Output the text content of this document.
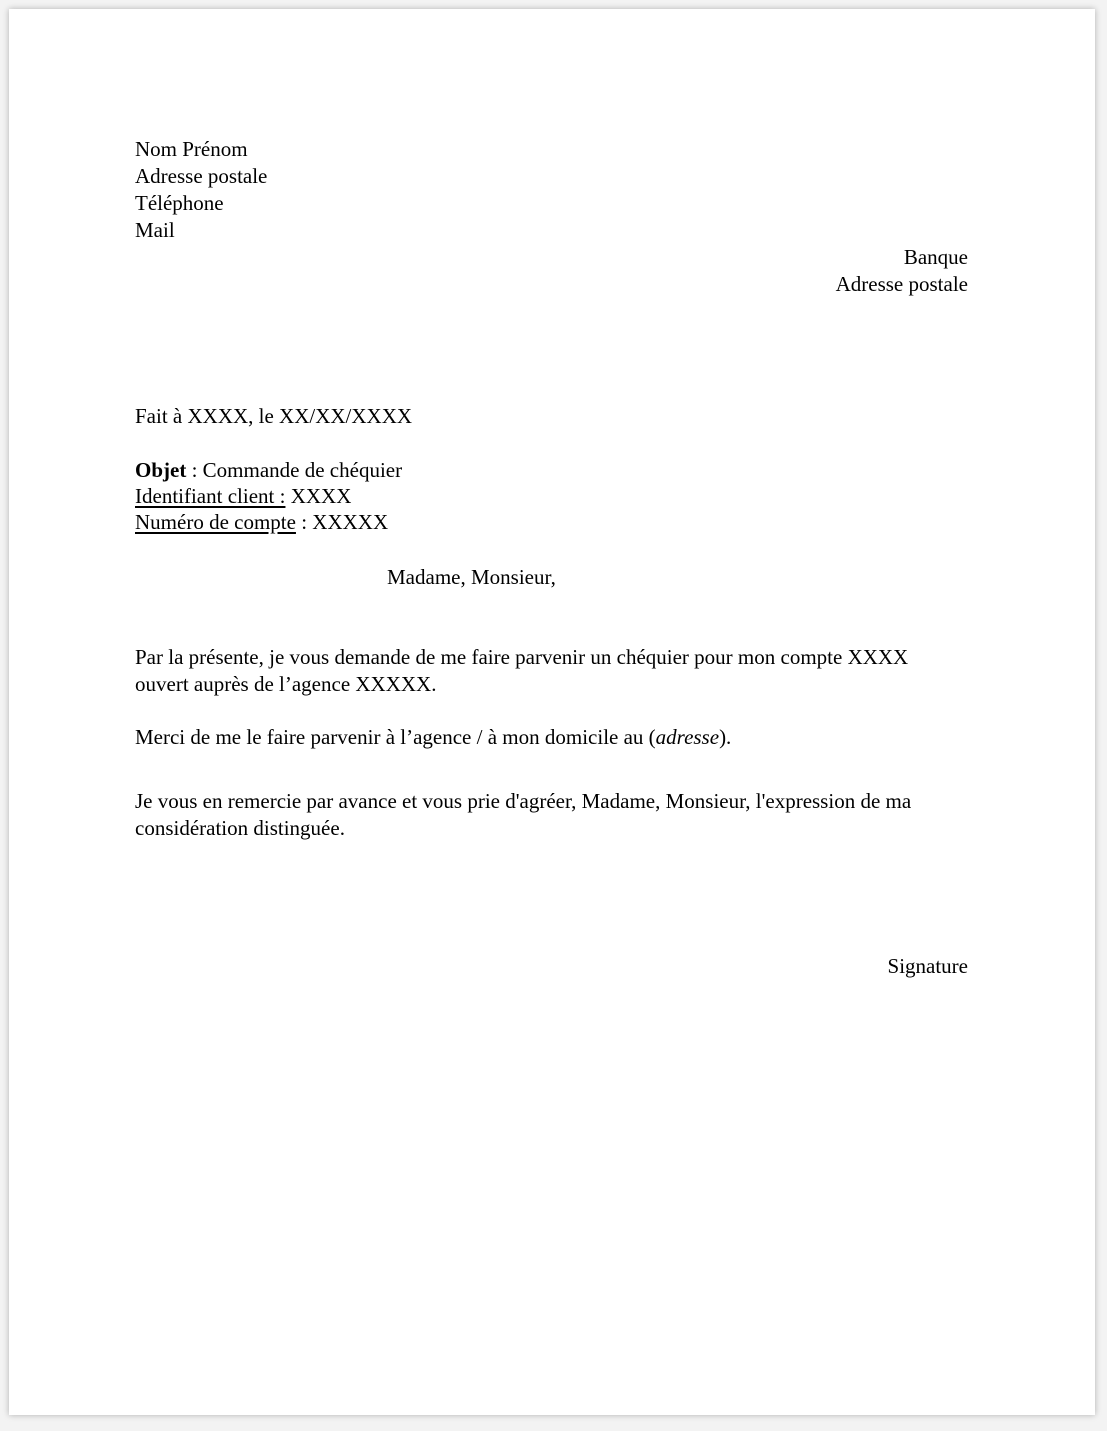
Nom Prénom
Adresse postale
Téléphone
Mail
Banque
Adresse postale
Fait à XXXX, le XX/XX/XXXX
Objet : Commande de chéquier
Identifiant client : XXXX
Numéro de compte : XXXXX
Madame, Monsieur,
Par la présente, je vous demande de me faire parvenir un chéquier pour mon compte XXXX ouvert auprès de l’agence XXXXX.
Merci de me le faire parvenir à l’agence / à mon domicile au (adresse).
Je vous en remercie par avance et vous prie d'agréer, Madame, Monsieur, l'expression de ma considération distinguée.
Signature
